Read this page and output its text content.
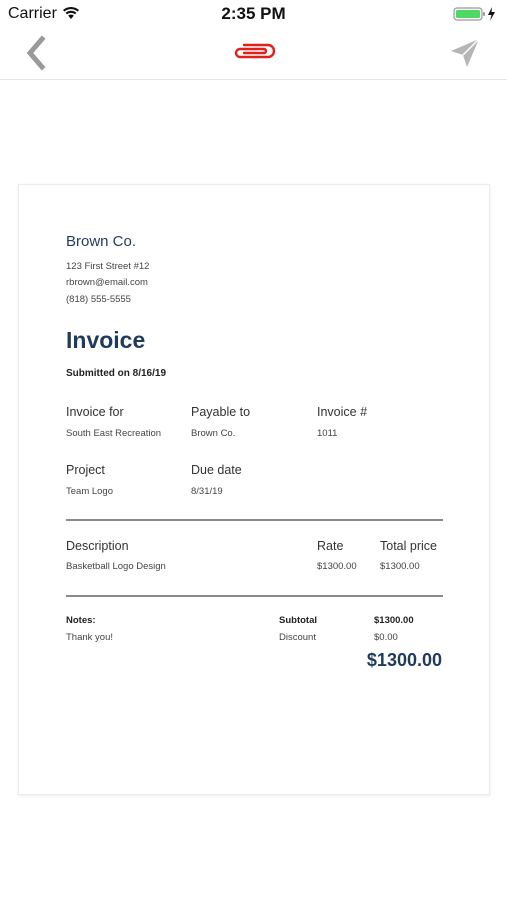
Carrier	2:35 PM
Brown Co.
123 First Street #12
rbrown@email.com
(818) 555-5555
Invoice
Submitted on 8/16/19
Invoice for
South East Recreation
Payable to
Brown Co.
Invoice #
1011
Project
Team Logo
Due date
8/31/19
Description	Rate	Total price
Basketball Logo Design	$1300.00 $1300.00
Notes:
Thank you!
Subtotal	$1300.00
Discount	$0.00
$1300.00
